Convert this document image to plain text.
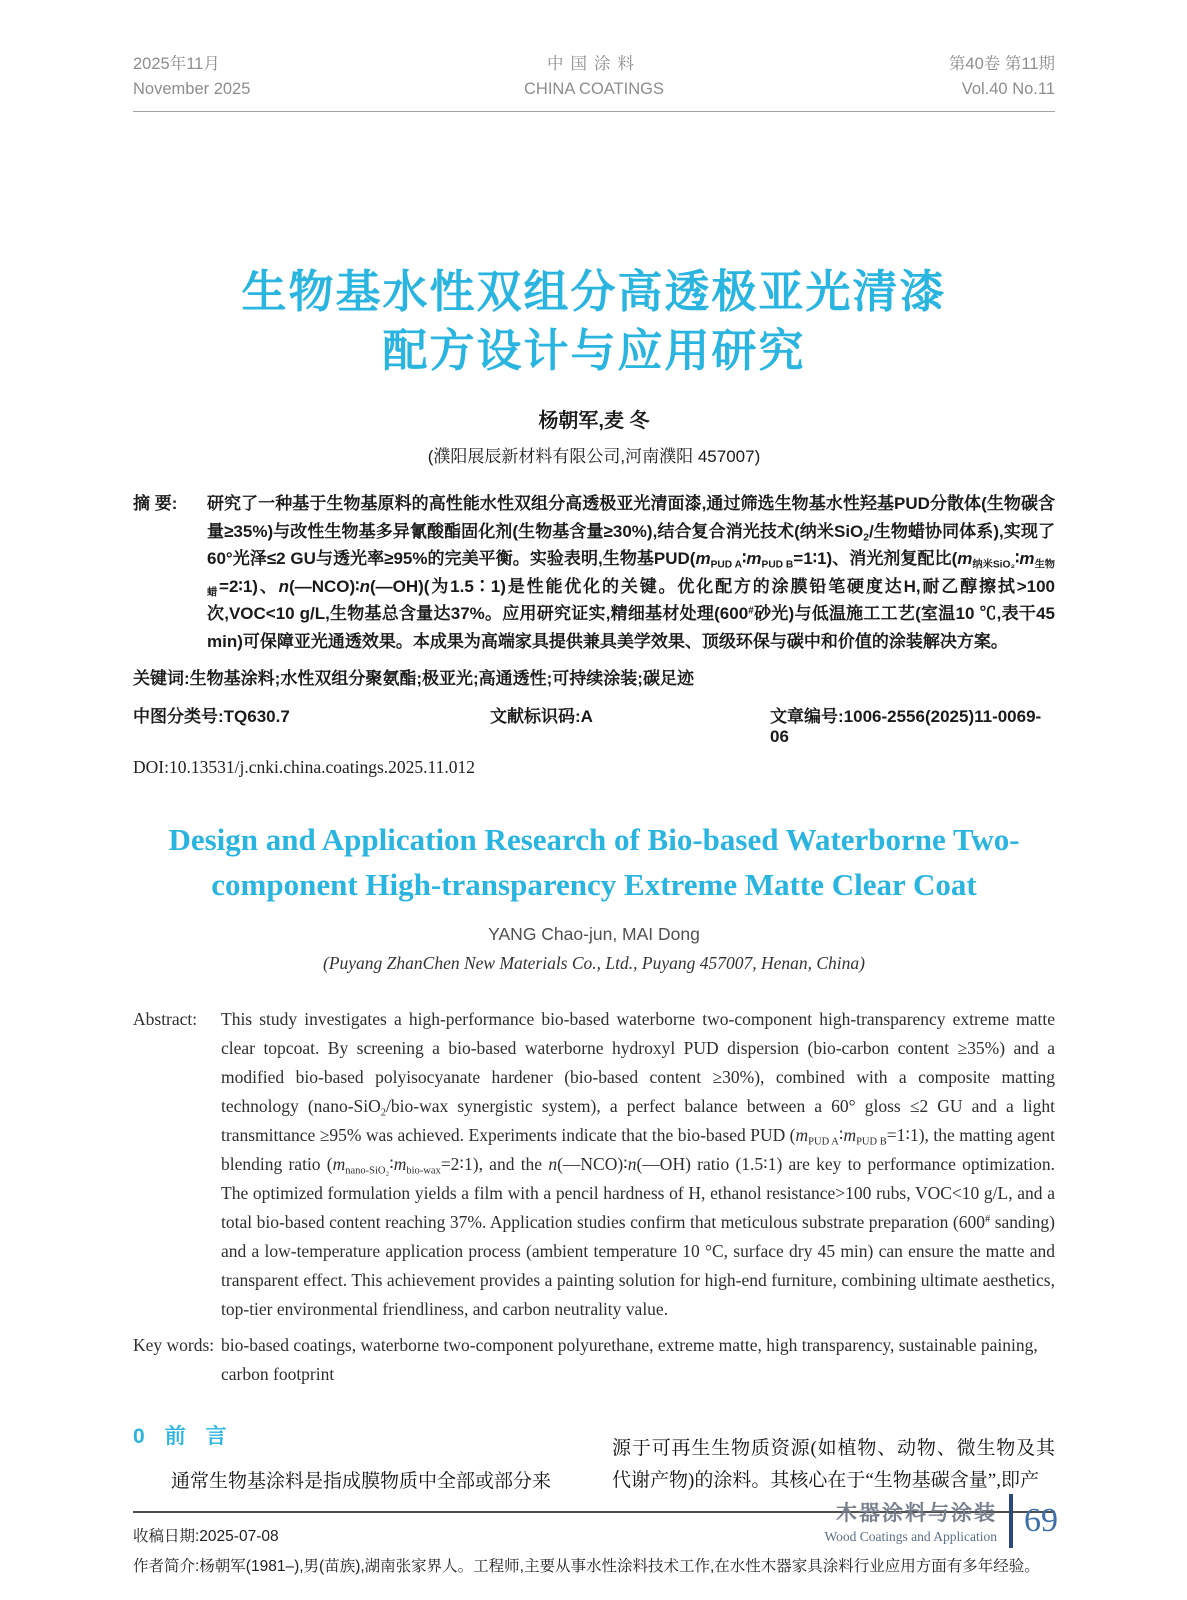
2025年11月
November 2025
中国涂料
CHINA COATINGS
第40卷 第11期
Vol.40 No.11
生物基水性双组分高透极亚光清漆
配方设计与应用研究
杨朝军,麦 冬
(濮阳展辰新材料有限公司,河南濮阳 457007)
摘 要:	研究了一种基于生物基原料的高性能水性双组分高透极亚光清面漆,通过筛选生物基水性羟基PUD分散体(生物碳含量≥35%)与改性生物基多异氰酸酯固化剂(生物基含量≥30%),结合复合消光技术(纳米SiO$_2$/生物蜡协同体系),实现了60°光泽≤2 GU与透光率≥95%的完美平衡。实验表明,生物基$PUD(m_{PUD A}∶m_{PUD B}=1∶1)$、消光剂复配比$(m_{纳米SiO_2}∶m_{生物蜡}=2∶1)$、n(—NCO)∶n(—OH)(为1.5∶1)是性能优化的关键。优化配方的涂膜铅笔硬度达H,耐乙醇擦拭>100次,VOC<10 g/L,生物基总含量达37%。应用研究证实,精细基材处理(600#砂光)与低温施工工艺(室温10 ℃,表干45 min)可保障亚光通透效果。本成果为高端家具提供兼具美学效果、顶级环保与碳中和价值的涂装解决方案。
关键词:生物基涂料;水性双组分聚氨酯;极亚光;高通透性;可持续涂装;碳足迹
中图分类号:TQ630.7	文献标识码:A	文章编号:1006-2556(2025)11-0069-06
DOI:10.13531/j.cnki.china.coatings.2025.11.012
Design and Application Research of Bio-based Waterborne Two-component High-transparency Extreme Matte Clear Coat
YANG Chao-jun, MAI Dong
(Puyang ZhanChen New Materials Co., Ltd., Puyang 457007, Henan, China)
Abstract:	This study investigates a high-performance bio-based waterborne two-component high-transparency extreme matte clear topcoat. By screening a bio-based waterborne hydroxyl PUD dispersion (bio-carbon content ≥35%) and a modified bio-based polyisocyanate hardener (bio-based content ≥30%), combined with a composite matting technology (nano-SiO$_2$/bio-wax synergistic system), a perfect balance between a 60° gloss ≤2 GU and a light transmittance ≥95% was achieved. Experiments indicate that the bio-based PUD $(m_{PUD A}∶m_{PUD B}=1∶1)$, the matting agent blending ratio $(m_{nano-SiO_2}∶m_{bio-wax}=2∶1)$, and the n(—NCO)∶n(—OH) ratio (1.5∶1) are key to performance optimization. The optimized formulation yields a film with a pencil hardness of H, ethanol resistance>100 rubs, VOC<10 g/L, and a total bio-based content reaching 37%. Application studies confirm that meticulous substrate preparation (600# sanding) and a low-temperature application process (ambient temperature 10 °C, surface dry 45 min) can ensure the matte and transparent effect. This achievement provides a painting solution for high-end furniture, combining ultimate aesthetics, top-tier environmental friendliness, and carbon neutrality value.
Key words: bio-based coatings, waterborne two-component polyurethane, extreme matte, high transparency, sustainable paining, carbon footprint
0 前 言
通常生物基涂料是指成膜物质中全部或部分来
源于可再生生物质资源(如植物、动物、微生物及其代谢产物)的涂料。其核心在于“生物基碳含量”,即产
收稿日期:2025-07-08
作者简介:杨朝军(1981–),男(苗族),湖南张家界人。工程师,主要从事水性涂料技术工作,在水性木器家具涂料行业应用方面有多年经验。
木器涂料与涂装
Wood Coatings and Application 69
